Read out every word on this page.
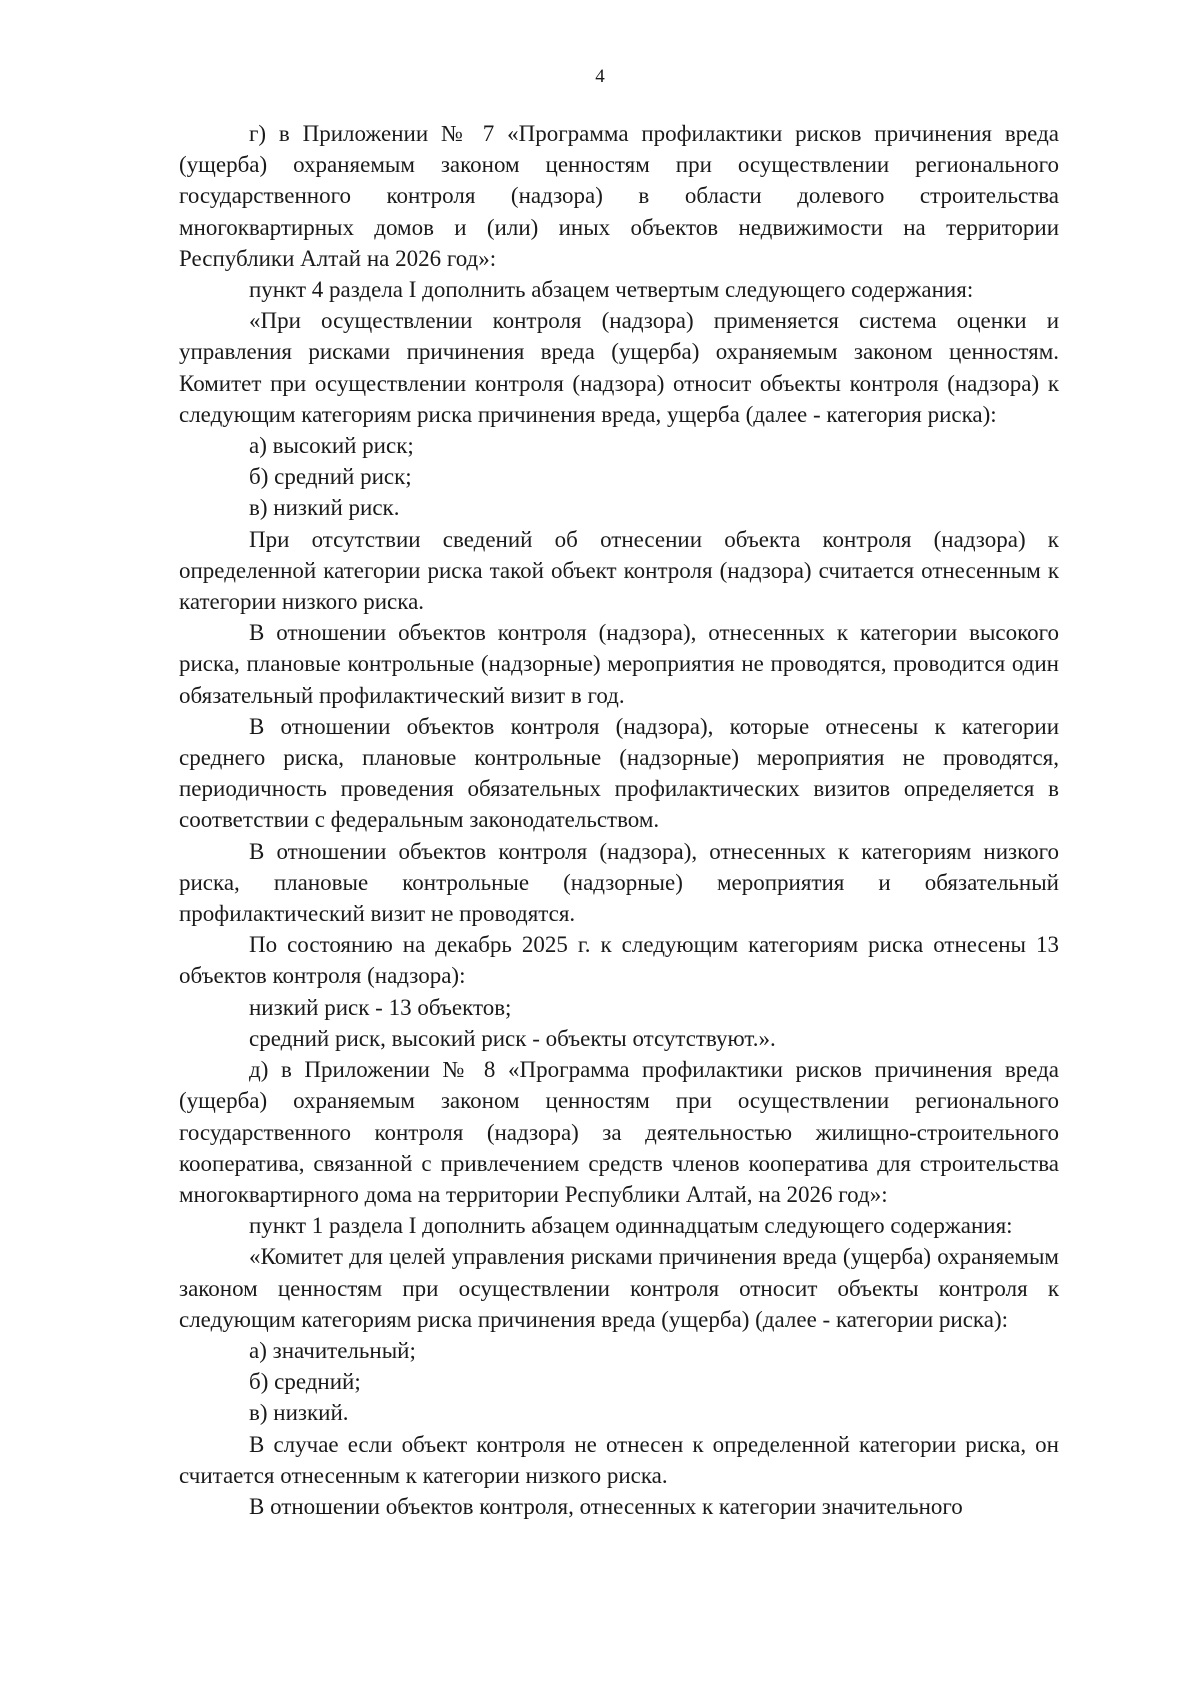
4

г) в Приложении № 7 «Программа профилактики рисков причинения вреда (ущерба) охраняемым законом ценностям при осуществлении регионального государственного контроля (надзора) в области долевого строительства многоквартирных домов и (или) иных объектов недвижимости на территории Республики Алтай на 2026 год»:

пункт 4 раздела I дополнить абзацем четвертым следующего содержания:

«При осуществлении контроля (надзора) применяется система оценки и управления рисками причинения вреда (ущерба) охраняемым законом ценностям. Комитет при осуществлении контроля (надзора) относит объекты контроля (надзора) к следующим категориям риска причинения вреда, ущерба (далее - категория риска):

а) высокий риск;

б) средний риск;

в) низкий риск.

При отсутствии сведений об отнесении объекта контроля (надзора) к определенной категории риска такой объект контроля (надзора) считается отнесенным к категории низкого риска.

В отношении объектов контроля (надзора), отнесенных к категории высокого риска, плановые контрольные (надзорные) мероприятия не проводятся, проводится один обязательный профилактический визит в год.

В отношении объектов контроля (надзора), которые отнесены к категории среднего риска, плановые контрольные (надзорные) мероприятия не проводятся, периодичность проведения обязательных профилактических визитов определяется в соответствии с федеральным законодательством.

В отношении объектов контроля (надзора), отнесенных к категориям низкого риска, плановые контрольные (надзорные) мероприятия и обязательный профилактический визит не проводятся.

По состоянию на декабрь 2025 г. к следующим категориям риска отнесены 13 объектов контроля (надзора):

низкий риск - 13 объектов;

средний риск, высокий риск - объекты отсутствуют.».

д) в Приложении № 8 «Программа профилактики рисков причинения вреда (ущерба) охраняемым законом ценностям при осуществлении регионального государственного контроля (надзора) за деятельностью жилищно-строительного кооператива, связанной с привлечением средств членов кооператива для строительства многоквартирного дома на территории Республики Алтай, на 2026 год»:

пункт 1 раздела I дополнить абзацем одиннадцатым следующего содержания:

«Комитет для целей управления рисками причинения вреда (ущерба) охраняемым законом ценностям при осуществлении контроля относит объекты контроля к следующим категориям риска причинения вреда (ущерба) (далее - категории риска):

а) значительный;

б) средний;

в) низкий.

В случае если объект контроля не отнесен к определенной категории риска, он считается отнесенным к категории низкого риска.

В отношении объектов контроля, отнесенных к категории значительного
